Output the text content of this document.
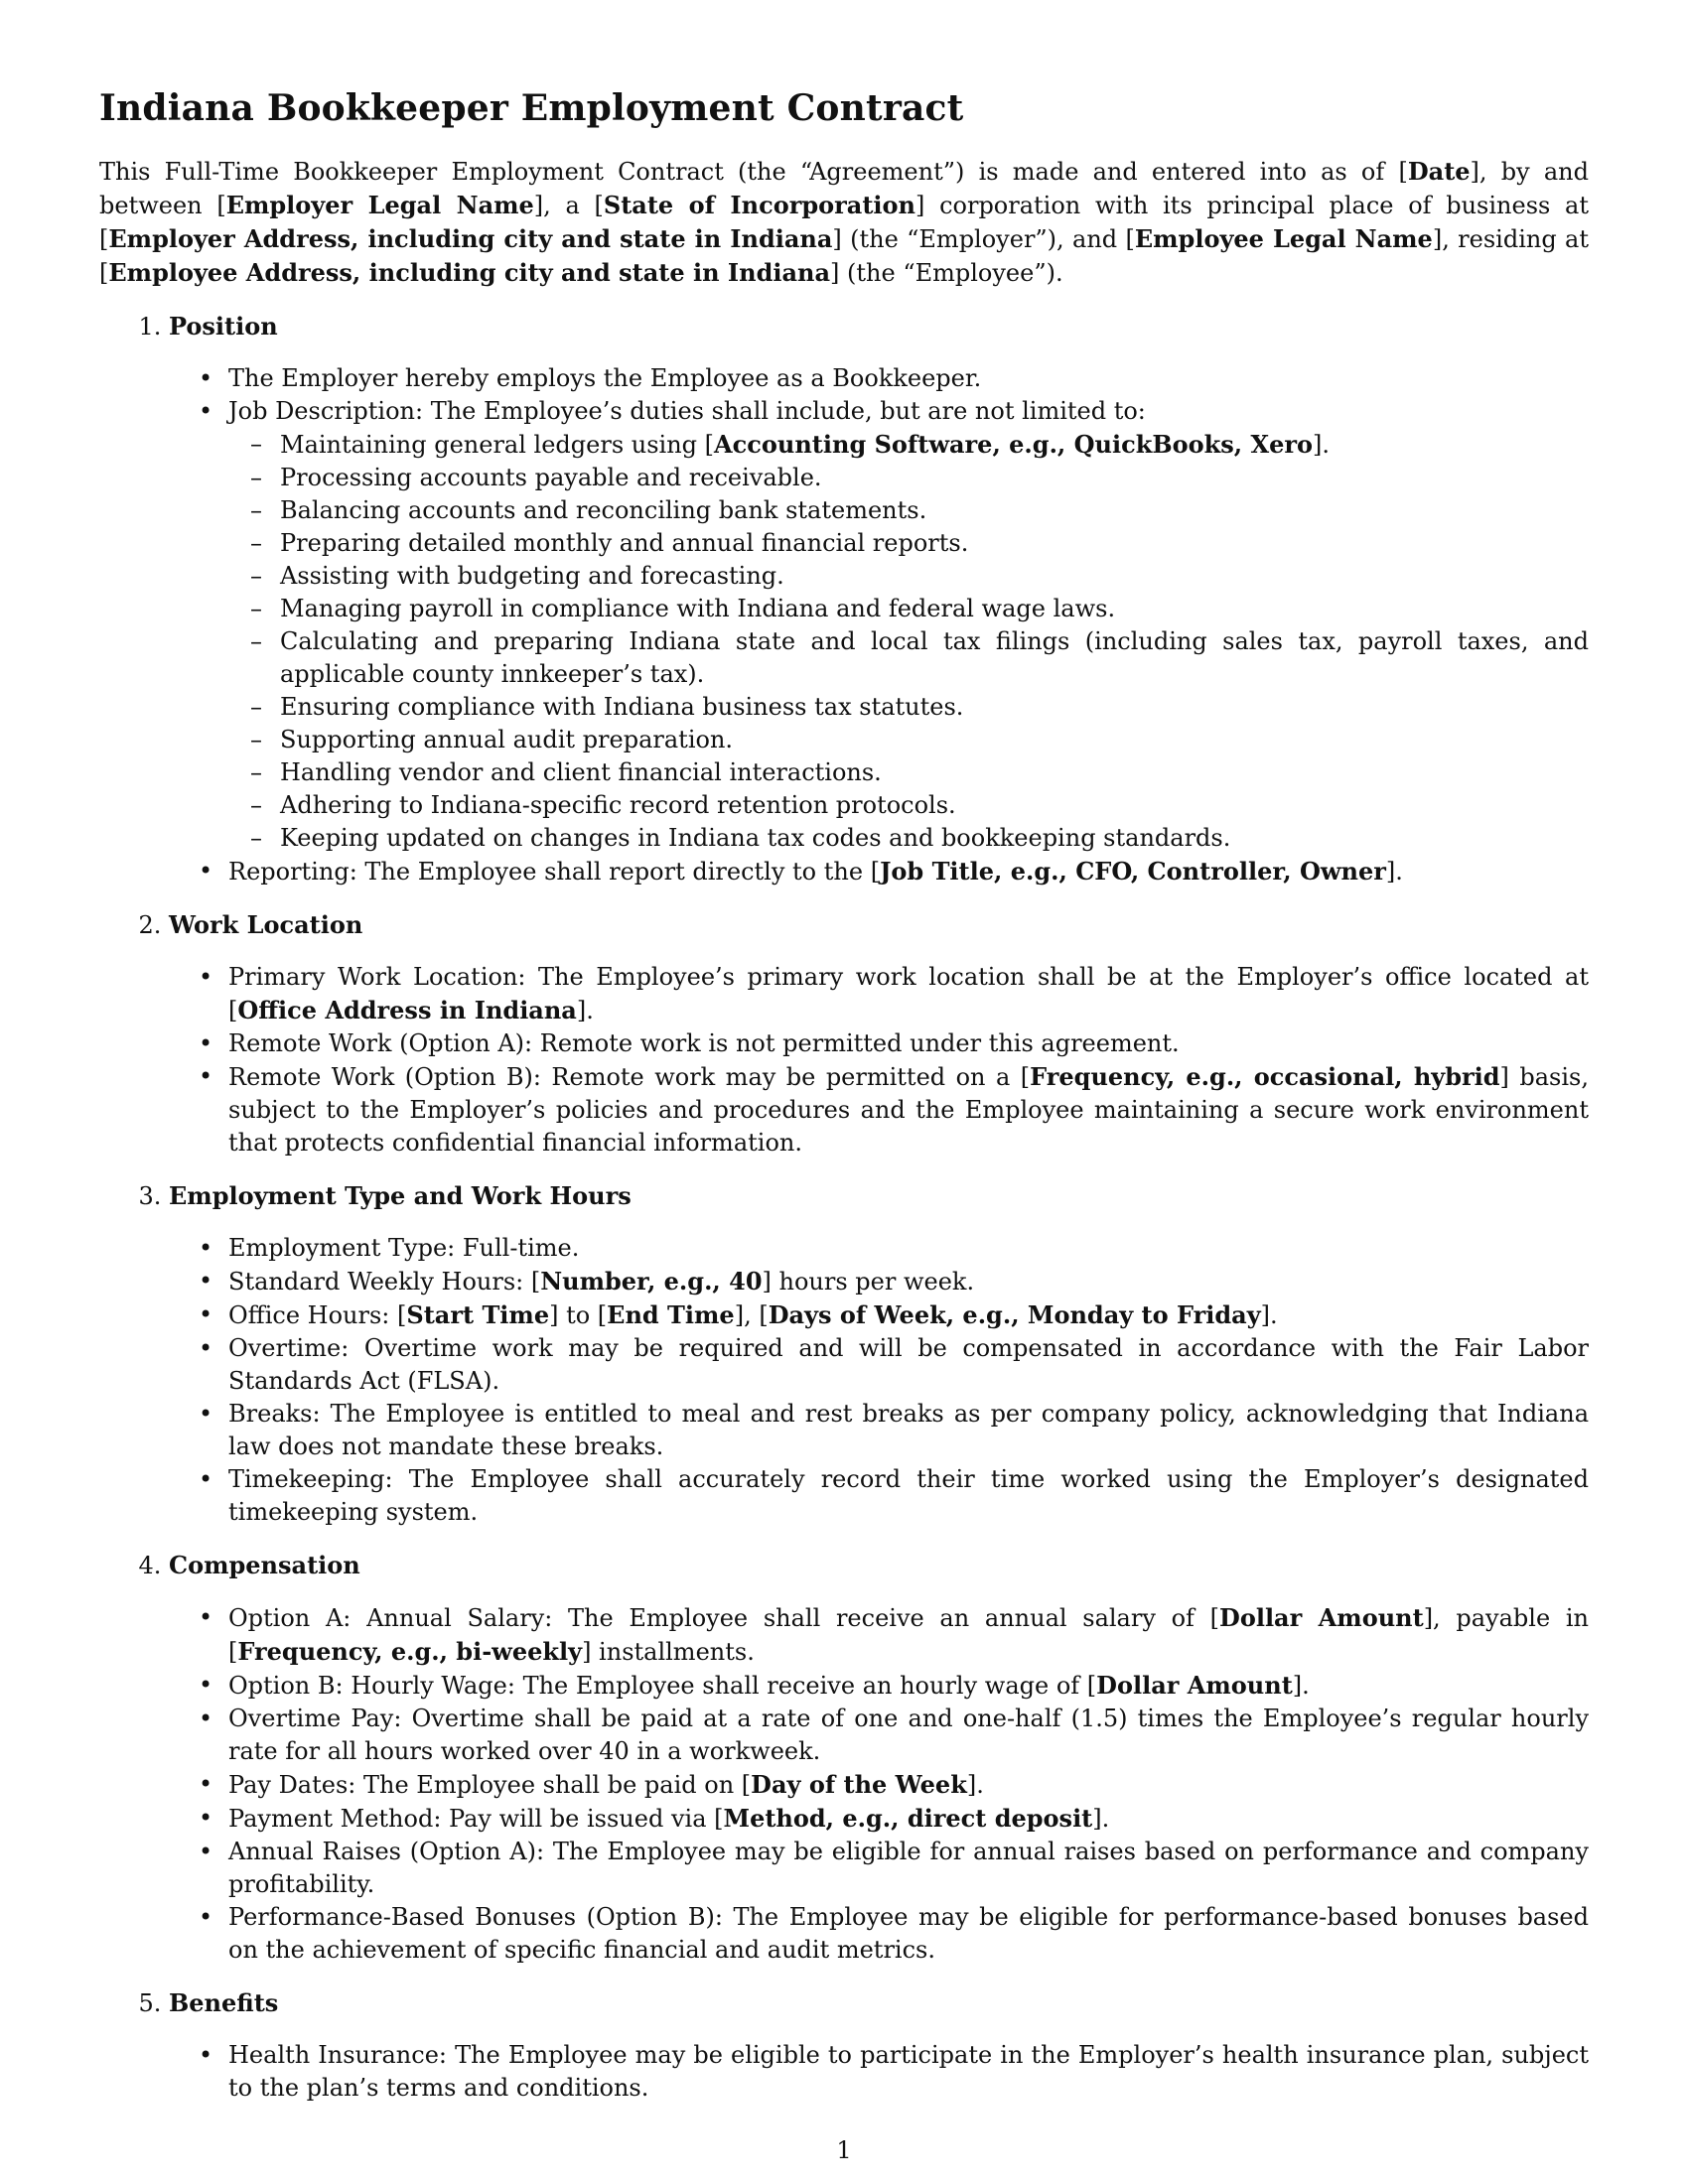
Indiana Bookkeeper Employment Contract

This Full-Time Bookkeeper Employment Contract (the “Agreement”) is made and entered into as of [Date], by and between [Employer Legal Name], a [State of Incorporation] corporation with its principal place of business at [Employer Address, including city and state in Indiana] (the “Employer”), and [Employee Legal Name], residing at [Employee Address, including city and state in Indiana] (the “Employee”).

1. Position
• The Employer hereby employs the Employee as a Bookkeeper.
• Job Description: The Employee’s duties shall include, but are not limited to:
– Maintaining general ledgers using [Accounting Software, e.g., QuickBooks, Xero].
– Processing accounts payable and receivable.
– Balancing accounts and reconciling bank statements.
– Preparing detailed monthly and annual financial reports.
– Assisting with budgeting and forecasting.
– Managing payroll in compliance with Indiana and federal wage laws.
– Calculating and preparing Indiana state and local tax filings (including sales tax, payroll taxes, and applicable county innkeeper’s tax).
– Ensuring compliance with Indiana business tax statutes.
– Supporting annual audit preparation.
– Handling vendor and client financial interactions.
– Adhering to Indiana-specific record retention protocols.
– Keeping updated on changes in Indiana tax codes and bookkeeping standards.
• Reporting: The Employee shall report directly to the [Job Title, e.g., CFO, Controller, Owner].
2. Work Location
• Primary Work Location: The Employee’s primary work location shall be at the Employer’s office located at [Office Address in Indiana].
• Remote Work (Option A): Remote work is not permitted under this agreement.
• Remote Work (Option B): Remote work may be permitted on a [Frequency, e.g., occasional, hybrid] basis, subject to the Employer’s policies and procedures and the Employee maintaining a secure work environment that protects confidential financial information.
3. Employment Type and Work Hours
• Employment Type: Full-time.
• Standard Weekly Hours: [Number, e.g., 40] hours per week.
• Office Hours: [Start Time] to [End Time], [Days of Week, e.g., Monday to Friday].
• Overtime: Overtime work may be required and will be compensated in accordance with the Fair Labor Standards Act (FLSA).
• Breaks: The Employee is entitled to meal and rest breaks as per company policy, acknowledging that Indiana law does not mandate these breaks.
• Timekeeping: The Employee shall accurately record their time worked using the Employer’s designated timekeeping system.
4. Compensation
• Option A: Annual Salary: The Employee shall receive an annual salary of [Dollar Amount], payable in [Frequency, e.g., bi-weekly] installments.
• Option B: Hourly Wage: The Employee shall receive an hourly wage of [Dollar Amount].
• Overtime Pay: Overtime shall be paid at a rate of one and one-half (1.5) times the Employee’s regular hourly rate for all hours worked over 40 in a workweek.
• Pay Dates: The Employee shall be paid on [Day of the Week].
• Payment Method: Pay will be issued via [Method, e.g., direct deposit].
• Annual Raises (Option A): The Employee may be eligible for annual raises based on performance and company profitability.
• Performance-Based Bonuses (Option B): The Employee may be eligible for performance-based bonuses based on the achievement of specific financial and audit metrics.
5. Benefits
• Health Insurance: The Employee may be eligible to participate in the Employer’s health insurance plan, subject to the plan’s terms and conditions.
1
